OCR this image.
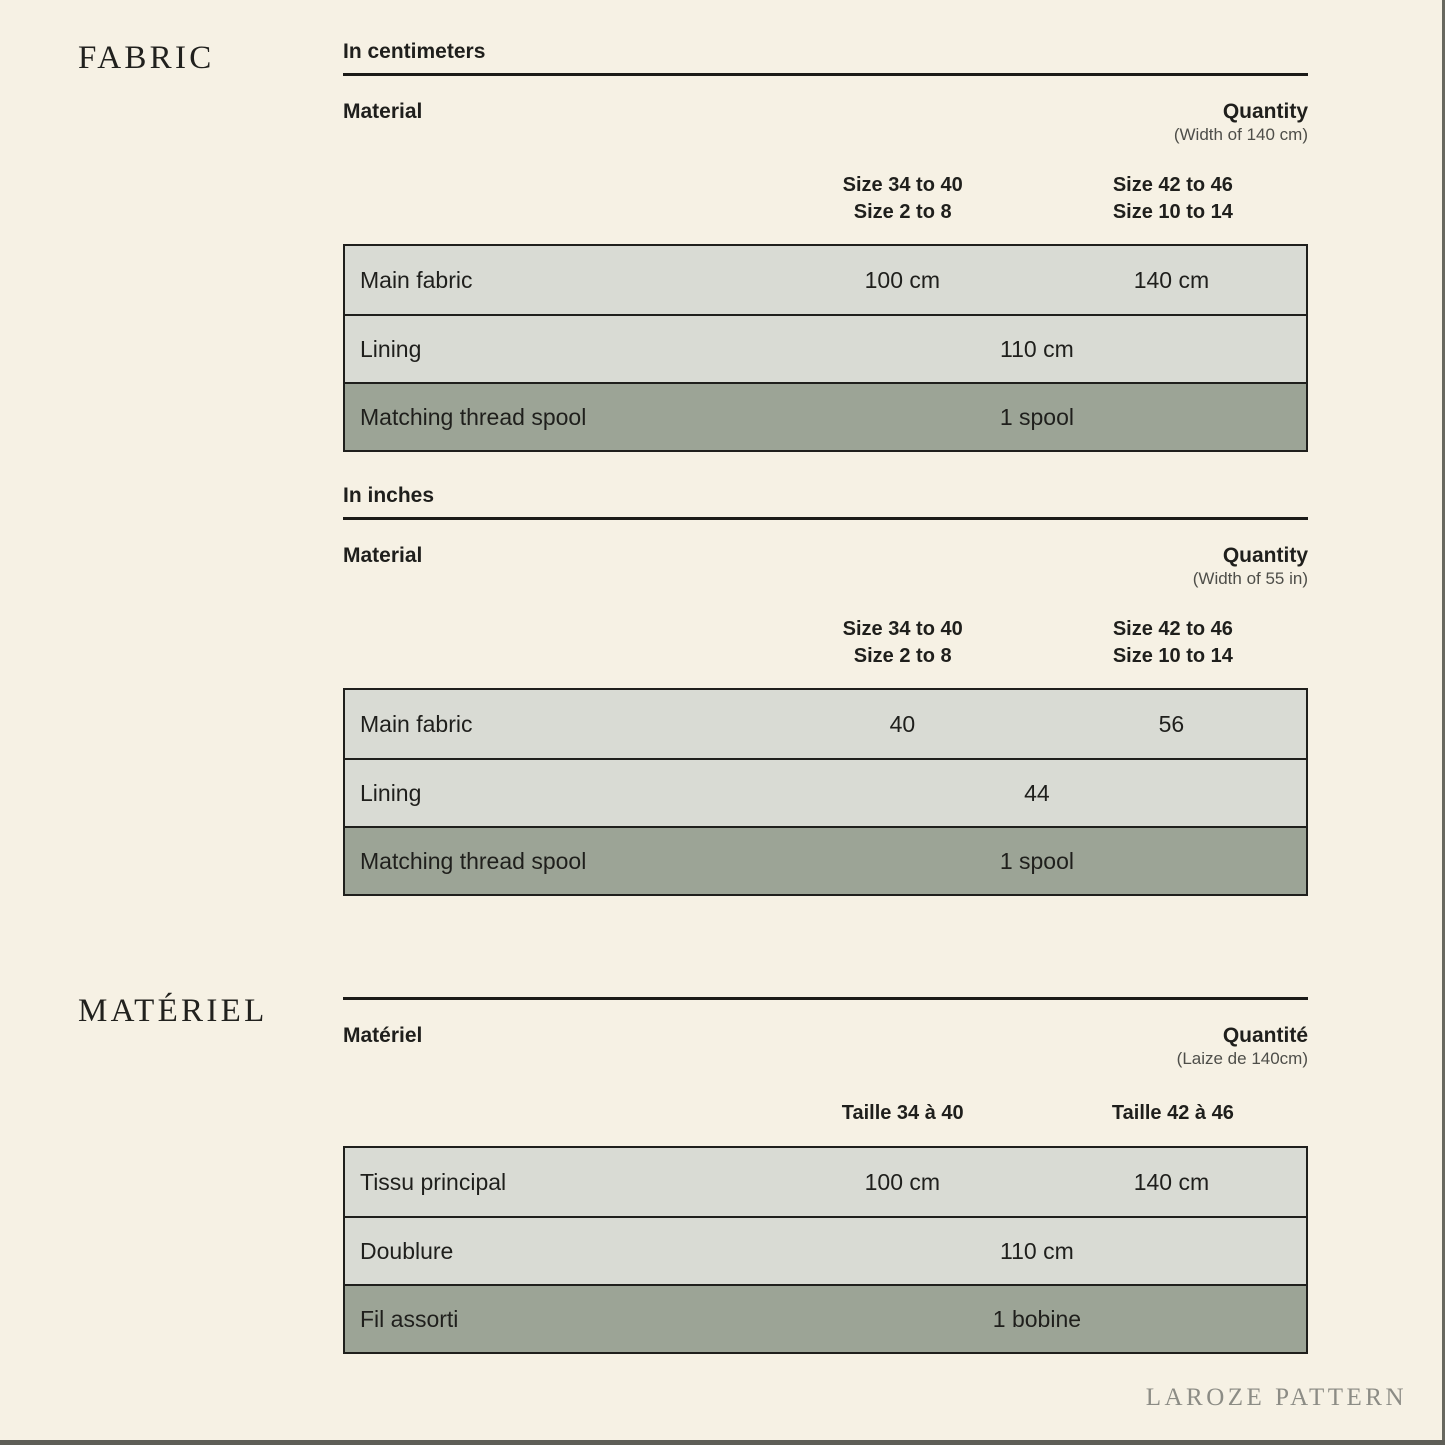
FABRIC
MATÉRIEL
In centimeters
Material	Quantity
(Width of 140 cm)
Size 34 to 40
Size 2 to 8
Size 42 to 46
Size 10 to 14
Main fabric	100 cm	140 cm
Lining	110 cm
Matching thread spool	1 spool
In inches
Material	Quantity
(Width of 55 in)
Size 34 to 40
Size 2 to 8
Size 42 to 46
Size 10 to 14
Main fabric	40	56
Lining	44
Matching thread spool	1 spool
Matériel	Quantité
(Laize de 140cm)
Taille 34 à 40	Taille 42 à 46
Tissu principal	100 cm	140 cm
Doublure	110 cm
Fil assorti	1 bobine
LAROZE PATTERN
